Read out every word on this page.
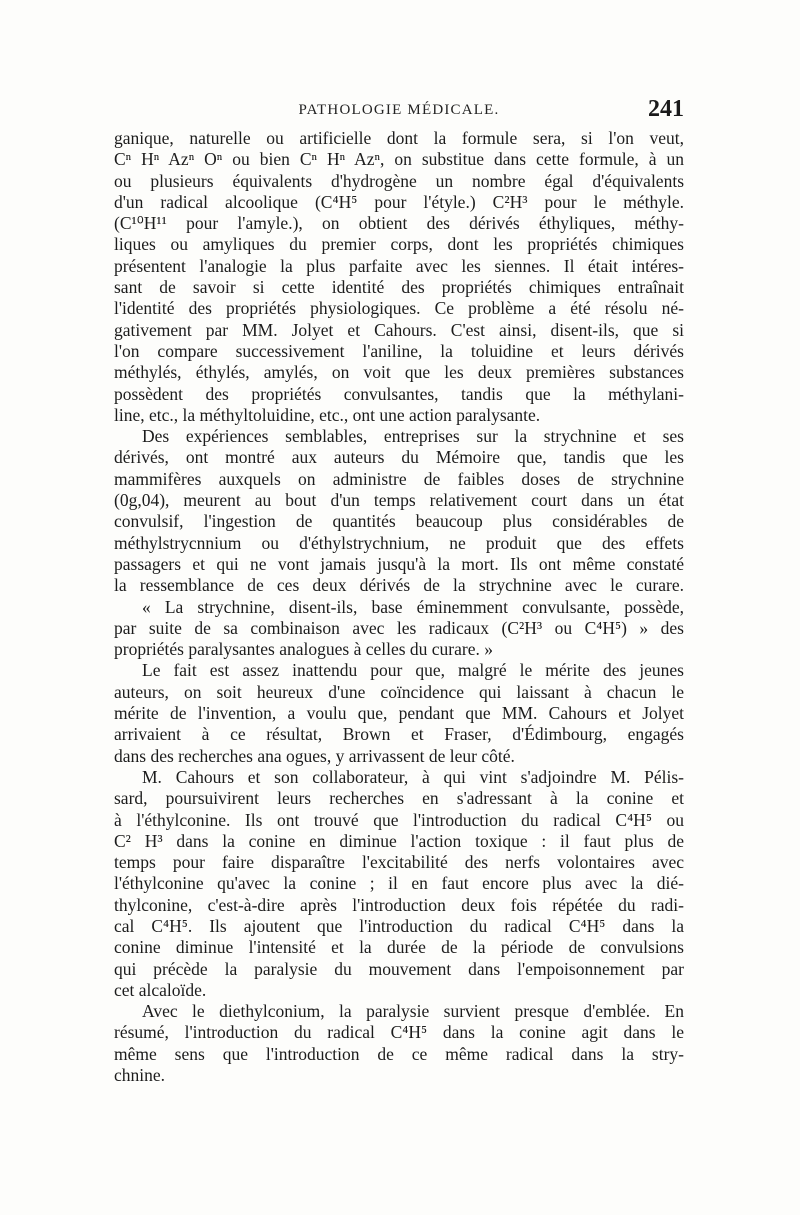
PATHOLOGIE MÉDICALE.	241
ganique, naturelle ou artificielle dont la formule sera, si l'on veut,
Cⁿ Hⁿ Azⁿ Oⁿ ou bien Cⁿ Hⁿ Azⁿ, on substitue dans cette formule, à un
ou plusieurs équivalents d'hydrogène un nombre égal d'équivalents
d'un radical alcoolique (C⁴H⁵ pour l'étyle.) C²H³ pour le méthyle.
(C¹⁰H¹¹ pour l'amyle.), on obtient des dérivés éthyliques, méthy-
liques ou amyliques du premier corps, dont les propriétés chimiques
présentent l'analogie la plus parfaite avec les siennes. Il était intéres-
sant de savoir si cette identité des propriétés chimiques entraînait
l'identité des propriétés physiologiques. Ce problème a été résolu né-
gativement par MM. Jolyet et Cahours. C'est ainsi, disent-ils, que si
l'on compare successivement l'aniline, la toluidine et leurs dérivés
méthylés, éthylés, amylés, on voit que les deux premières substances
possèdent des propriétés convulsantes, tandis que la méthylani-
line, etc., la méthyltoluidine, etc., ont une action paralysante.
Des expériences semblables, entreprises sur la strychnine et ses
dérivés, ont montré aux auteurs du Mémoire que, tandis que les
mammifères auxquels on administre de faibles doses de strychnine
(0g,04), meurent au bout d'un temps relativement court dans un état
convulsif, l'ingestion de quantités beaucoup plus considérables de
méthylstrycnnium ou d'éthylstrychnium, ne produit que des effets
passagers et qui ne vont jamais jusqu'à la mort. Ils ont même constaté
la ressemblance de ces deux dérivés de la strychnine avec le curare.
« La strychnine, disent-ils, base éminemment convulsante, possède,
par suite de sa combinaison avec les radicaux (C²H³ ou C⁴H⁵) » des
propriétés paralysantes analogues à celles du curare. »
Le fait est assez inattendu pour que, malgré le mérite des jeunes
auteurs, on soit heureux d'une coïncidence qui laissant à chacun le
mérite de l'invention, a voulu que, pendant que MM. Cahours et Jolyet
arrivaient à ce résultat, Brown et Fraser, d'Édimbourg, engagés
dans des recherches ana ogues, y arrivassent de leur côté.
M. Cahours et son collaborateur, à qui vint s'adjoindre M. Pélis-
sard, poursuivirent leurs recherches en s'adressant à la conine et
à l'éthylconine. Ils ont trouvé que l'introduction du radical C⁴H⁵ ou
C² H³ dans la conine en diminue l'action toxique : il faut plus de
temps pour faire disparaître l'excitabilité des nerfs volontaires avec
l'éthylconine qu'avec la conine ; il en faut encore plus avec la dié-
thylconine, c'est-à-dire après l'introduction deux fois répétée du radi-
cal C⁴H⁵. Ils ajoutent que l'introduction du radical C⁴H⁵ dans la
conine diminue l'intensité et la durée de la période de convulsions
qui précède la paralysie du mouvement dans l'empoisonnement par
cet alcaloïde.
Avec le diethylconium, la paralysie survient presque d'emblée. En
résumé, l'introduction du radical C⁴H⁵ dans la conine agit dans le
même sens que l'introduction de ce même radical dans la stry-
chnine.
